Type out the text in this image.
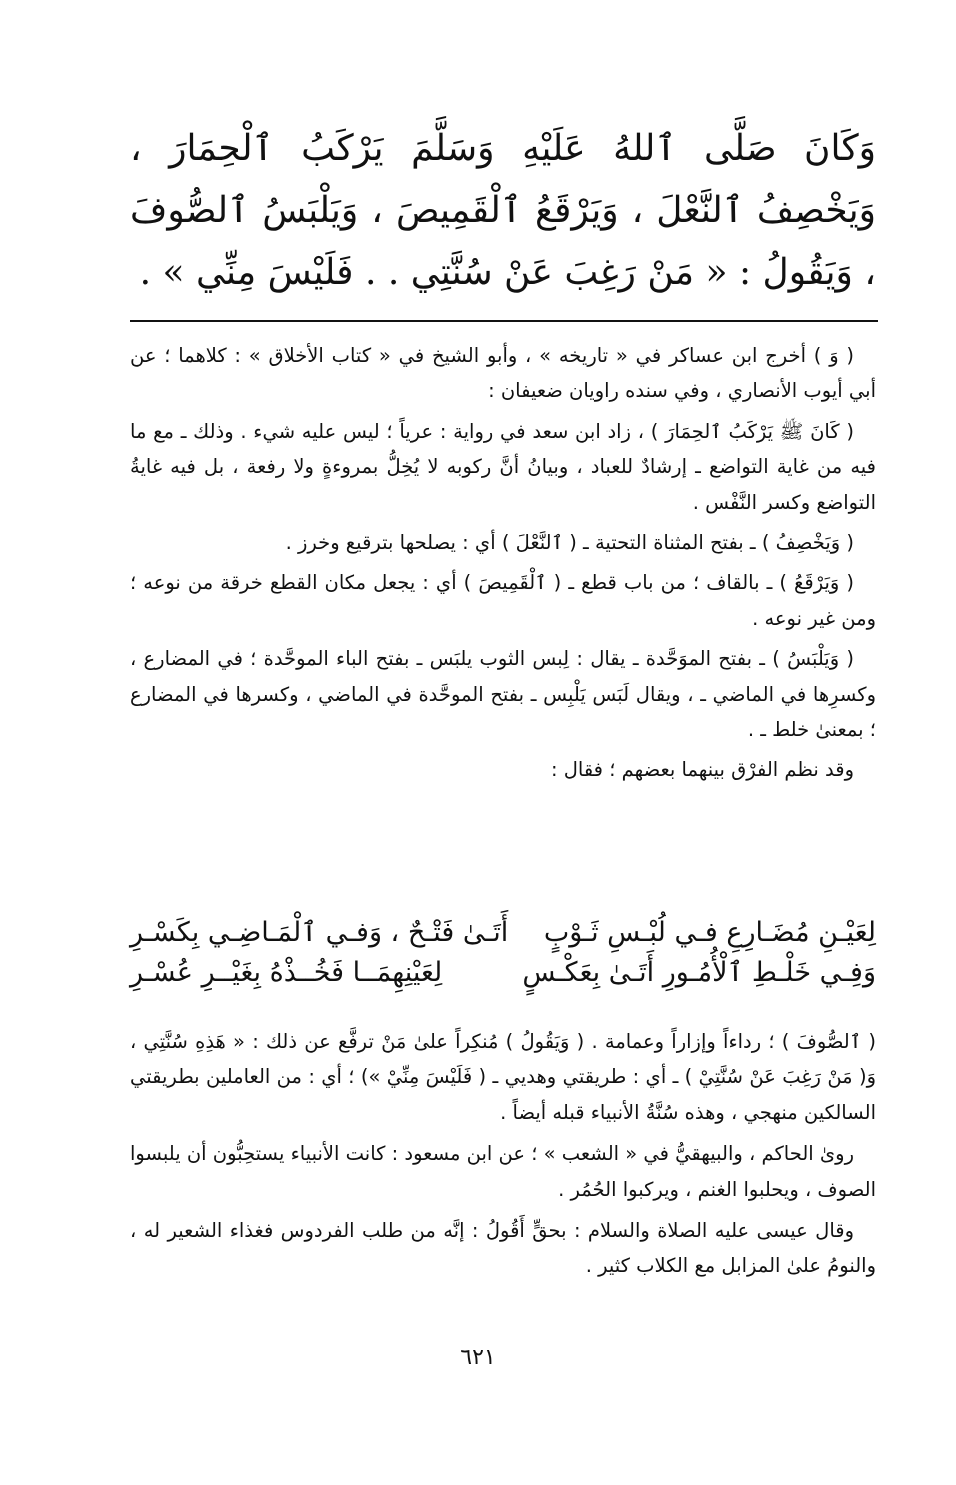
وَكَانَ صَلَّى ٱللهُ عَلَيْهِ وَسَلَّمَ يَرْكَبُ ٱلْحِمَارَ ، وَيَخْصِفُ ٱلنَّعْلَ ، وَيَرْقَعُ ٱلْقَمِيصَ ، وَيَلْبَسُ ٱلصُّوفَ ، وَيَقُولُ : « مَنْ رَغِبَ عَنْ سُنَّتِي . . فَلَيْسَ مِنِّي » .

( وَ ) أخرج ابن عساكر في « تاريخه » ، وأبو الشيخ في « كتاب الأخلاق » : كلاهما ؛ عن أبي أيوب الأنصاري ، وفي سنده راويان ضعيفان :

( كَانَ ﷺ يَرْكَبُ ٱلحِمَارَ ) ، زاد ابن سعد في رواية : عرياً ؛ ليس عليه شيء . وذلك ـ مع ما فيه من غاية التواضع ـ إرشادٌ للعباد ، وبيانُ أنَّ ركوبه لا يُخِلُّ بمروءةٍ ولا رفعة ، بل فيه غايةُ التواضع وكسر النَّفْس .

( وَيَخْصِفُ ) ـ بفتح المثناة التحتية ـ ( ٱلنَّعْلَ ) أي : يصلحها بترقيع وخرز .

( وَيَرْقَعُ ) ـ بالقاف ؛ من باب قطع ـ ( ٱلْقَمِيصَ ) أي : يجعل مكان القطع خرقة من نوعه ؛ ومن غير نوعه .

( وَيَلْبَسُ ) ـ بفتح الموَحَّدة ـ يقال : لِبس الثوب يلبَس ـ بفتح الباء الموحَّدة ؛ في المضارع ، وكسرِها في الماضي ـ ، ويقال لَبَس يَلْبِس ـ بفتح الموحَّدة في الماضي ، وكسرها في المضارع ؛ بمعنىٰ خلط ـ .

وقد نظم الفرْق بينهما بعضهم ؛ فقال :

لِعَيْـنِ مُضَـارِعِ فـي لُبْـسِ ثَـوْبٍ
أَتَـىٰ فَتْـحٌ ، وَفـي ٱلْمَـاضِـي بِكَسْـرِ
وَفِـي خَلْـطِ ٱلْأُمُـورِ أَتَـىٰ بِعَكْـسٍ
لِعَيْنِهِمَــا فَخُــذْهُ بِغَيْــرِ عُسْـرِ

( ٱلصُّوفَ ) ؛ رداءاً وإزاراً وعمامة . ( وَيَقُولُ ) مُنكِراً علىٰ مَنْ ترفَّع عن ذلك : « هَذِهِ سُنَّتِي ، وَ( مَنْ رَغِبَ عَنْ سُنَّتِيْ ) ـ أي : طريقتي وهديي ـ ( فَلَيْسَ مِنِّيْ ») ؛ أي : من العاملين بطريقتي السالكين منهجي ، وهذه سُنَّةُ الأنبياء قبله أيضاً .

روىٰ الحاكم ، والبيهقيُّ في « الشعب » ؛ عن ابن مسعود : كانت الأنبياء يستحِبُّون أن يلبسوا الصوف ، ويحلبوا الغنم ، ويركبوا الحُمُر .

وقال عيسى عليه الصلاة والسلام : بحقٍّ أَقُولُ : إنَّه من طلب الفردوس فغذاء الشعير له ، والنومُ علىٰ المزابل مع الكلاب كثير .

٦٢١
